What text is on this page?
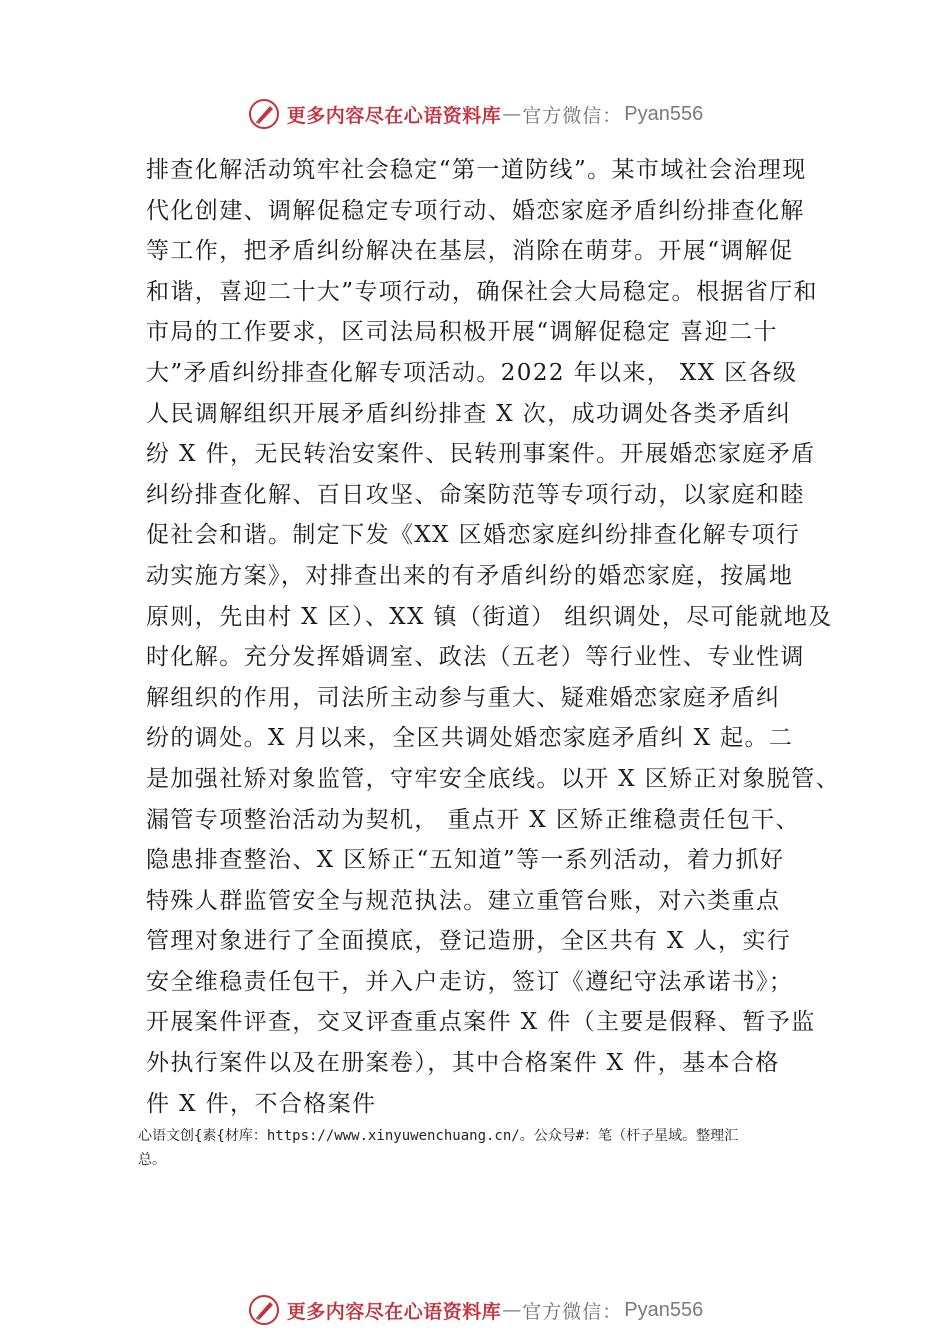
更多内容尽在心语资料库 — 官方微信： Pyan556
排查化解活动筑牢社会稳定“第一道防线”。某市域社会治理现
代化创建、调解促稳定专项行动、婚恋家庭矛盾纠纷排查化解
等工作，把矛盾纠纷解决在基层，消除在萌芽。开展“调解促
和谐，喜迎二十大”专项行动，确保社会大局稳定。根据省厅和
市局的工作要求，区司法局积极开展“调解促稳定 喜迎二十
大”矛盾纠纷排查化解专项活动。2022 年以来， XX 区各级
人民调解组织开展矛盾纠纷排查 X 次，成功调处各类矛盾纠
纷 X 件，无民转治安案件、民转刑事案件。开展婚恋家庭矛盾
纠纷排查化解、百日攻坚、命案防范等专项行动，以家庭和睦
促社会和谐。制定下发《XX 区婚恋家庭纠纷排查化解专项行
动实施方案》，对排查出来的有矛盾纠纷的婚恋家庭，按属地
原则，先由村 X 区）、XX 镇（街道） 组织调处，尽可能就地及
时化解。充分发挥婚调室、政法（五老）等行业性、专业性调
解组织的作用，司法所主动参与重大、疑难婚恋家庭矛盾纠
纷的调处。X 月以来，全区共调处婚恋家庭矛盾纠 X 起。二
是加强社矫对象监管，守牢安全底线。以开 X 区矫正对象脱管、
漏管专项整治活动为契机， 重点开 X 区矫正维稳责任包干、
隐患排查整治、X 区矫正“五知道”等一系列活动，着力抓好
特殊人群监管安全与规范执法。建立重管台账，对六类重点
管理对象进行了全面摸底，登记造册，全区共有 X 人，实行
安全维稳责任包干，并入户走访，签订《遵纪守法承诺书》；
开展案件评查，交叉评查重点案件 X 件（主要是假释、暂予监
外执行案件以及在册案卷），其中合格案件 X 件，基本合格
件 X 件，不合格案件
心语文创{素{材库：https://www.xinyuwenchuang.cn/。公众号#：笔（杆子星域。整理汇
总。
更多内容尽在心语资料库 — 官方微信： Pyan556
